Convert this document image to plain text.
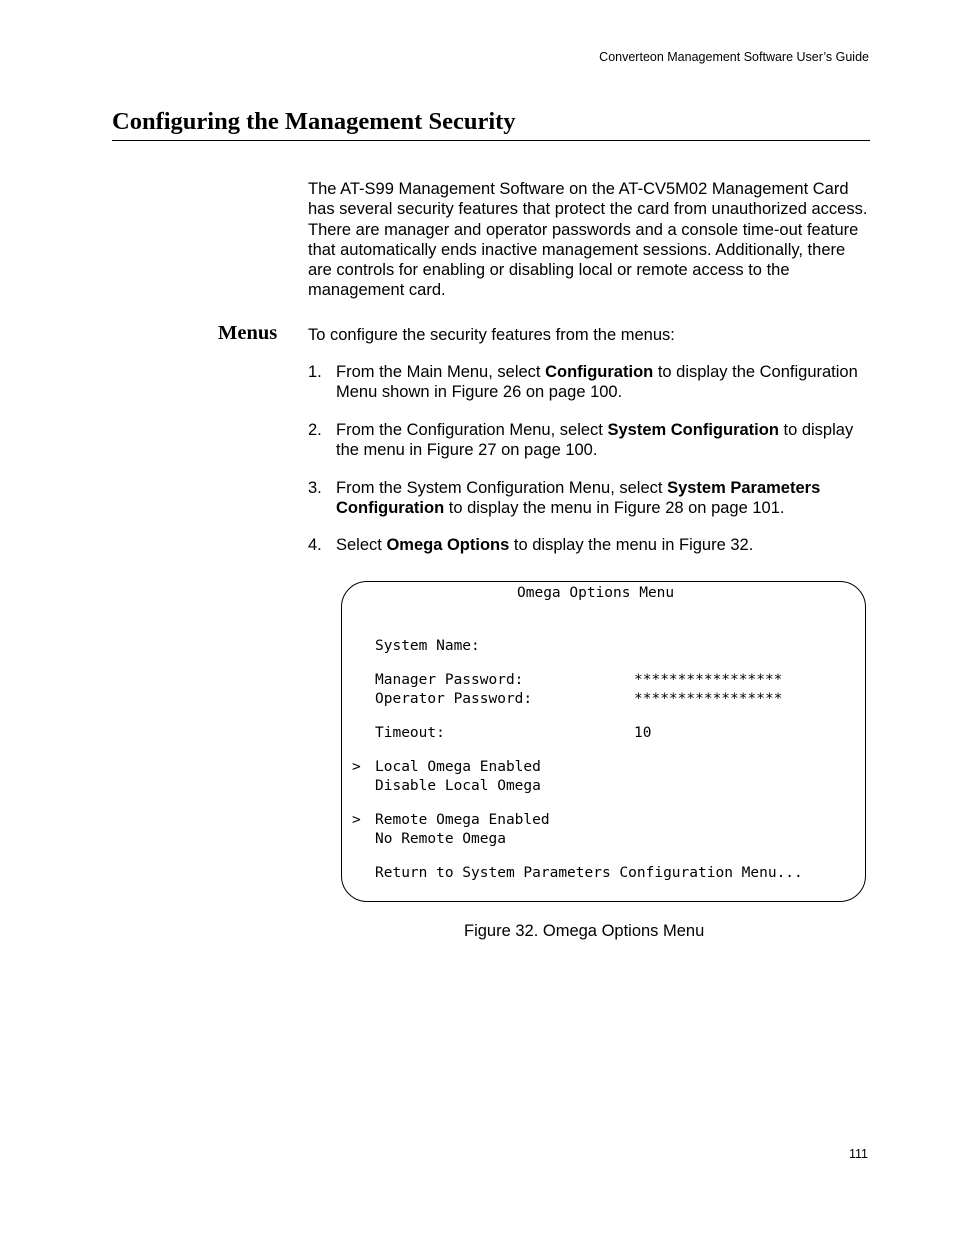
Converteon Management Software User’s Guide
Configuring the Management Security
The AT-S99 Management Software on the AT-CV5M02 Management Card has several security features that protect the card from unauthorized access. There are manager and operator passwords and a console time-out feature that automatically ends inactive management sessions. Additionally, there are controls for enabling or disabling local or remote access to the management card.
Menus To configure the security features from the menus:
1. From the Main Menu, select Configuration to display the Configuration Menu shown in Figure 26 on page 100.
2. From the Configuration Menu, select System Configuration to display the menu in Figure 27 on page 100.
3. From the System Configuration Menu, select System Parameters Configuration to display the menu in Figure 28 on page 101.
4. Select Omega Options to display the menu in Figure 32.
Omega Options Menu
System Name:
Manager Password:	*****************
Operator Password:	*****************
Timeout:	10
> Local Omega Enabled
Disable Local Omega
> Remote Omega Enabled
No Remote Omega
Return to System Parameters Configuration Menu...
Figure 32. Omega Options Menu
111
